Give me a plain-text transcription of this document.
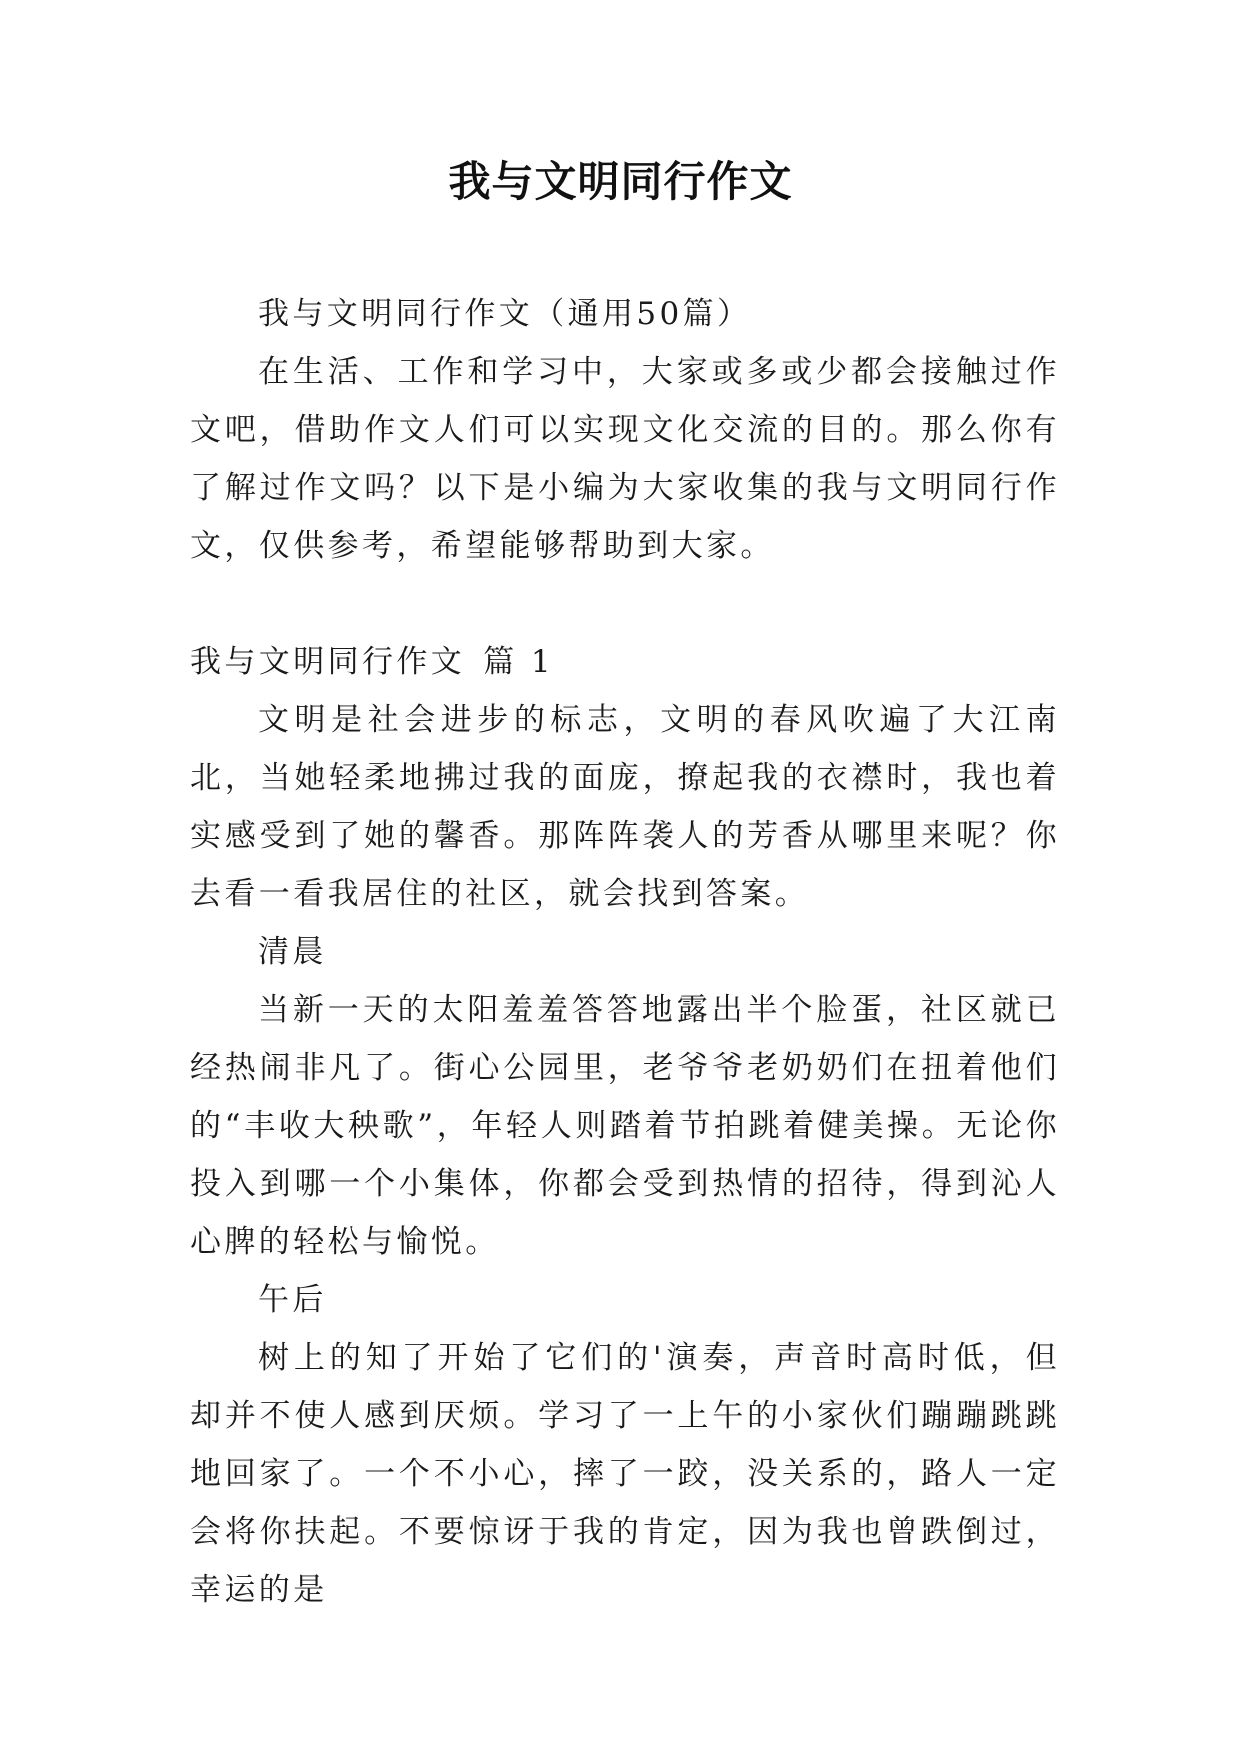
我与文明同行作文

我与文明同行作文（通用50篇）

在生活、工作和学习中，大家或多或少都会接触过作文吧，借助作文人们可以实现文化交流的目的。那么你有了解过作文吗？以下是小编为大家收集的我与文明同行作文，仅供参考，希望能够帮助到大家。

我与文明同行作文 篇 1

文明是社会进步的标志，文明的春风吹遍了大江南北，当她轻柔地拂过我的面庞，撩起我的衣襟时，我也着实感受到了她的馨香。那阵阵袭人的芳香从哪里来呢？你去看一看我居住的社区，就会找到答案。

清晨

当新一天的太阳羞羞答答地露出半个脸蛋，社区就已经热闹非凡了。街心公园里，老爷爷老奶奶们在扭着他们的“丰收大秧歌”，年轻人则踏着节拍跳着健美操。无论你投入到哪一个小集体，你都会受到热情的招待，得到沁人心脾的轻松与愉悦。

午后

树上的知了开始了它们的'演奏，声音时高时低，但却并不使人感到厌烦。学习了一上午的小家伙们蹦蹦跳跳地回家了。一个不小心，摔了一跤，没关系的，路人一定会将你扶起。不要惊讶于我的肯定，因为我也曾跌倒过，幸运的是
